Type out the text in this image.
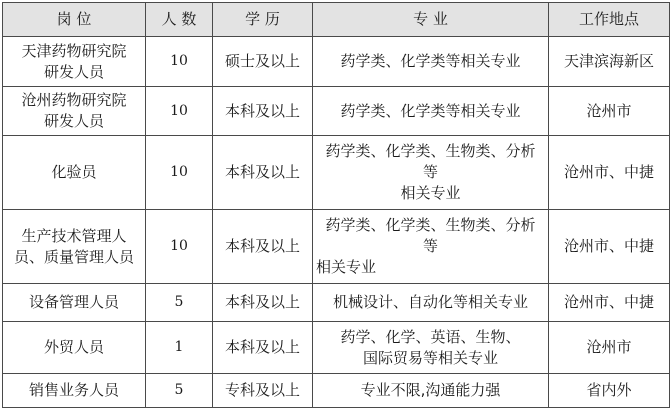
岗 位	人 数	学 历	专 业	工作地点

天津药物研究院
研发人员	10	硕士及以上	药学类、化学类等相关专业	天津滨海新区

沧州药物研究院
研发人员	10	本科及以上	药学类、化学类等相关专业	沧州市

化验员	10	本科及以上	药学类、化学类、生物类、分析
等
相关专业	沧州市、中捷

生产技术管理人
员、质量管理人员	10	本科及以上	药学类、化学类、生物类、分析
等
相关专业	沧州市、中捷

设备管理人员	5	本科及以上	机械设计、自动化等相关专业	沧州市、中捷

外贸人员	1	本科及以上	药学、化学、英语、生物、
国际贸易等相关专业	沧州市

销售业务人员	5	专科及以上	专业不限,沟通能力强	省内外
